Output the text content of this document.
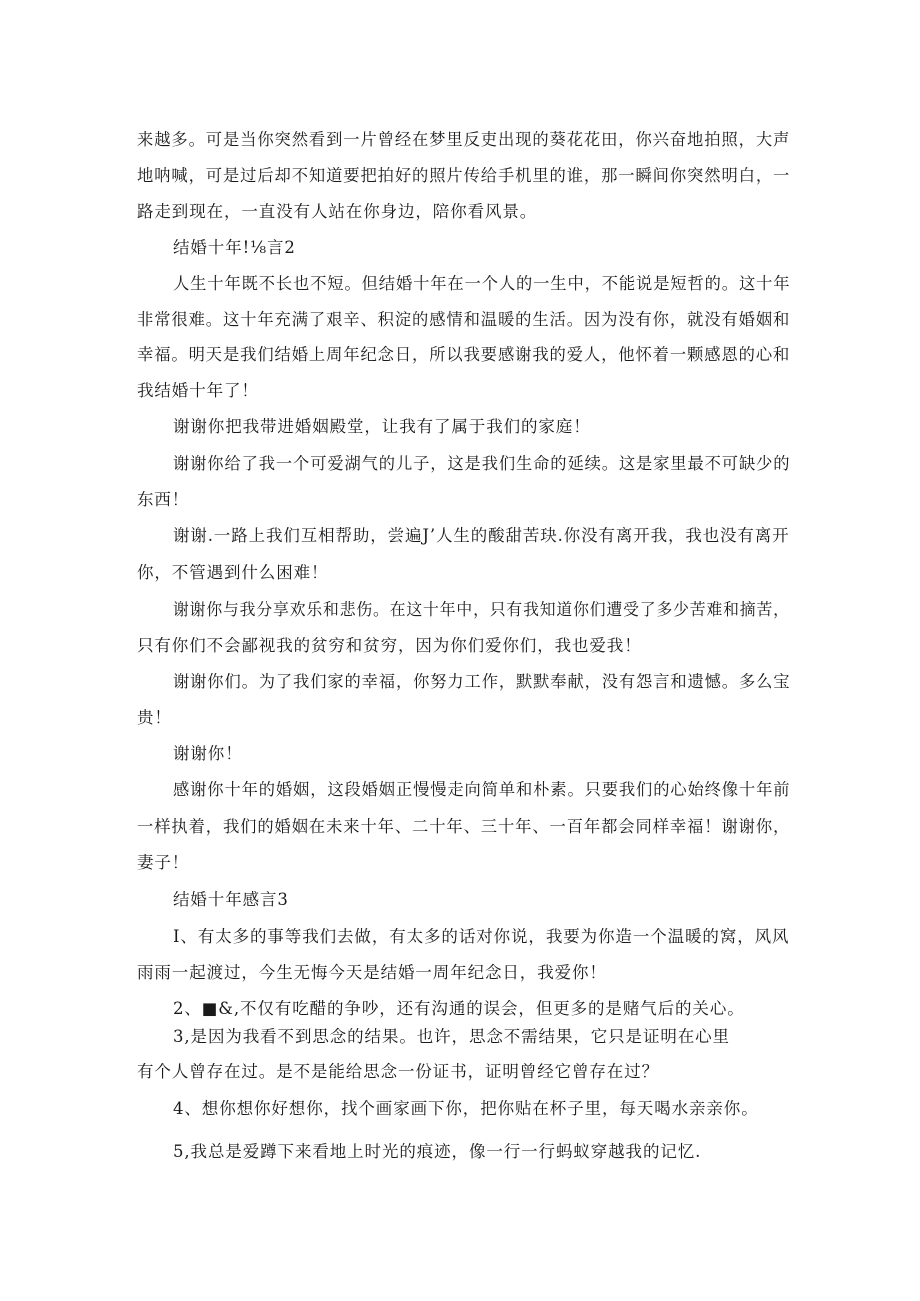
来越多。可是当你突然看到一片曾经在梦里反吏出现的葵花花田，你兴奋地拍照，大声
地呐喊，可是过后却不知道要把拍好的照片传给手机里的谁，那一瞬间你突然明白，一
路走到现在，一直没有人站在你身边，陪你看风景。
结婚十年!⅛言2
人生十年既不长也不短。但结婚十年在一个人的一生中，不能说是短哲的。这十年
非常很难。这十年充满了艰辛、积淀的感情和温暖的生活。因为没有你，就没有婚姻和
幸福。明天是我们结婚上周年纪念日，所以我要感谢我的爱人，他怀着一颗感恩的心和
我结婚十年了！
谢谢你把我带进婚姻殿堂，让我有了属于我们的家庭！
谢谢你给了我一个可爱湖气的儿子，这是我们生命的延续。这是家里最不可缺少的
东西！
谢谢.一路上我们互相帮助，尝遍J’人生的酸甜苦玦.你没有离开我，我也没有离开
你，不管遇到什么困难！
谢谢你与我分享欢乐和悲伤。在这十年中，只有我知道你们遭受了多少苦难和摘苦，
只有你们不会鄙视我的贫穷和贫穷，因为你们爱你们，我也爱我！
谢谢你们。为了我们家的幸福，你努力工作，默默奉献，没有怨言和遗憾。多么宝
贵！
谢谢你！
感谢你十年的婚姻，这段婚姻正慢慢走向简单和朴素。只要我们的心始终像十年前
一样执着，我们的婚姻在未来十年、二十年、三十年、一百年都会同样幸福！谢谢你，
妻子！
结婚十年感言3
I、有太多的事等我们去做，有太多的话对你说，我要为你造一个温暖的窝，风风
雨雨一起渡过，今生无悔今天是结婚一周年纪念日，我爱你！
2、■&,不仅有吃醋的争吵，还有沟通的误会，但更多的是赌气后的关心。
3,是因为我看不到思念的结果。也许，思念不需结果，它只是证明在心里
有个人曾存在过。是不是能给思念一份证书，证明曾经它曾存在过？
4、想你想你好想你，找个画家画下你，把你贴在杯子里，每天喝水亲亲你。
5,我总是爱蹲下来看地上时光的痕迹，像一行一行蚂蚁穿越我的记忆.
